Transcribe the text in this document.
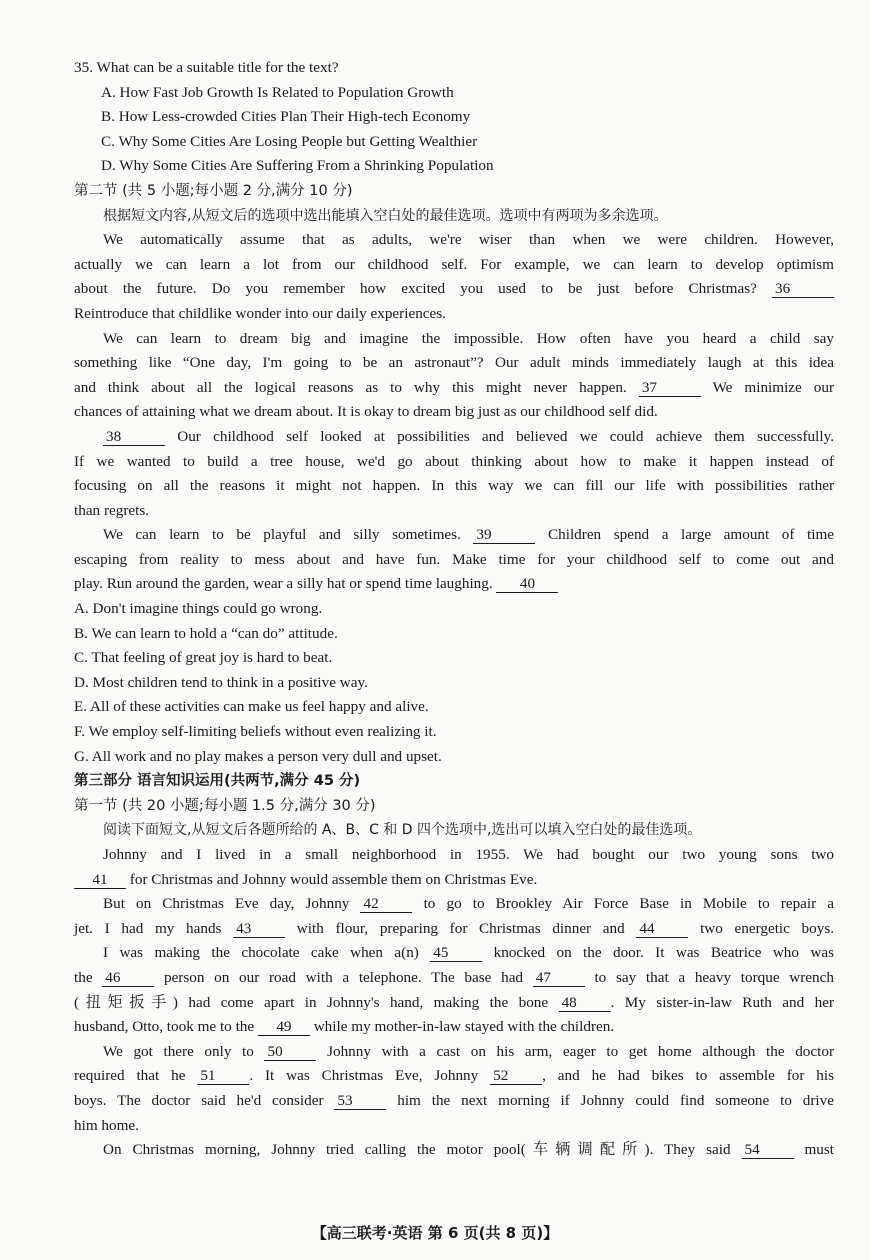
35. What can be a suitable title for the text?
A. How Fast Job Growth Is Related to Population Growth
B. How Less-crowded Cities Plan Their High-tech Economy
C. Why Some Cities Are Losing People but Getting Wealthier
D. Why Some Cities Are Suffering From a Shrinking Population
第二节 (共 5 小题;每小题 2 分,满分 10 分)
根据短文内容,从短文后的选项中选出能填入空白处的最佳选项。选项中有两项为多余选项。
We automatically assume that as adults, we're wiser than when we were children. However,
actually we can learn a lot from our childhood self. For example, we can learn to develop optimism
about the future. Do you remember how excited you used to be just before Christmas? 36
Reintroduce that childlike wonder into our daily experiences.
We can learn to dream big and imagine the impossible. How often have you heard a child say
something like “One day, I'm going to be an astronaut”? Our adult minds immediately laugh at this idea
and think about all the logical reasons as to why this might never happen. 37	We minimize our
chances of attaining what we dream about. It is okay to dream big just as our childhood self did.
38	Our childhood self looked at possibilities and believed we could achieve them successfully.
If we wanted to build a tree house, we'd go about thinking about how to make it happen instead of
focusing on all the reasons it might not happen. In this way we can fill our life with possibilities rather
than regrets.
We can learn to be playful and silly sometimes. 39	Children spend a large amount of time
escaping from reality to mess about and have fun. Make time for your childhood self to come out and
play. Run around the garden, wear a silly hat or spend time laughing. 40
A. Don't imagine things could go wrong.
B. We can learn to hold a “can do” attitude.
C. That feeling of great joy is hard to beat.
D. Most children tend to think in a positive way.
E. All of these activities can make us feel happy and alive.
F. We employ self-limiting beliefs without even realizing it.
G. All work and no play makes a person very dull and upset.
第三部分 语言知识运用(共两节,满分 45 分)
第一节 (共 20 小题;每小题 1.5 分,满分 30 分)
阅读下面短文,从短文后各题所给的 A、B、C 和 D 四个选项中,选出可以填入空白处的最佳选项。
Johnny and I lived in a small neighborhood in 1955. We had bought our two young sons two
41 for Christmas and Johnny would assemble them on Christmas Eve.
But on Christmas Eve day, Johnny 42	to go to Brookley Air Force Base in Mobile to repair a
jet. I had my hands 43	with flour, preparing for Christmas dinner and 44	two energetic boys.
I was making the chocolate cake when a(n) 45	knocked on the door. It was Beatrice who was
the 46	person on our road with a telephone. The base had 47	to say that a heavy torque wrench
(扭矩扳手) had come apart in Johnny's hand, making the bone 48 . My sister-in-law Ruth and her
husband, Otto, took me to the 49 while my mother-in-law stayed with the children.
We got there only to 50	Johnny with a cast on his arm, eager to get home although the doctor
required that he 51 . It was Christmas Eve, Johnny 52 , and he had bikes to assemble for his
boys. The doctor said he'd consider 53	him the next morning if Johnny could find someone to drive
him home.
On Christmas morning, Johnny tried calling the motor pool(车辆调配所). They said 54	must
【高三联考·英语 第 6 页(共 8 页)】
